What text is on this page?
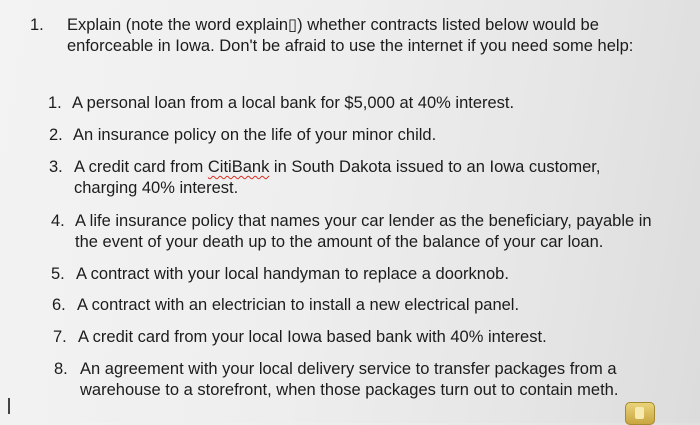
1. Explain (note the word explain▯) whether contracts listed below would be enforceable in Iowa. Don't be afraid to use the internet if you need some help:
1. A personal loan from a local bank for $5,000 at 40% interest.
2. An insurance policy on the life of your minor child.
3. A credit card from CitiBank in South Dakota issued to an Iowa customer, charging 40% interest.
4. A life insurance policy that names your car lender as the beneficiary, payable in the event of your death up to the amount of the balance of your car loan.
5. A contract with your local handyman to replace a doorknob.
6. A contract with an electrician to install a new electrical panel.
7. A credit card from your local Iowa based bank with 40% interest.
8. An agreement with your local delivery service to transfer packages from a warehouse to a storefront, when those packages turn out to contain meth.
